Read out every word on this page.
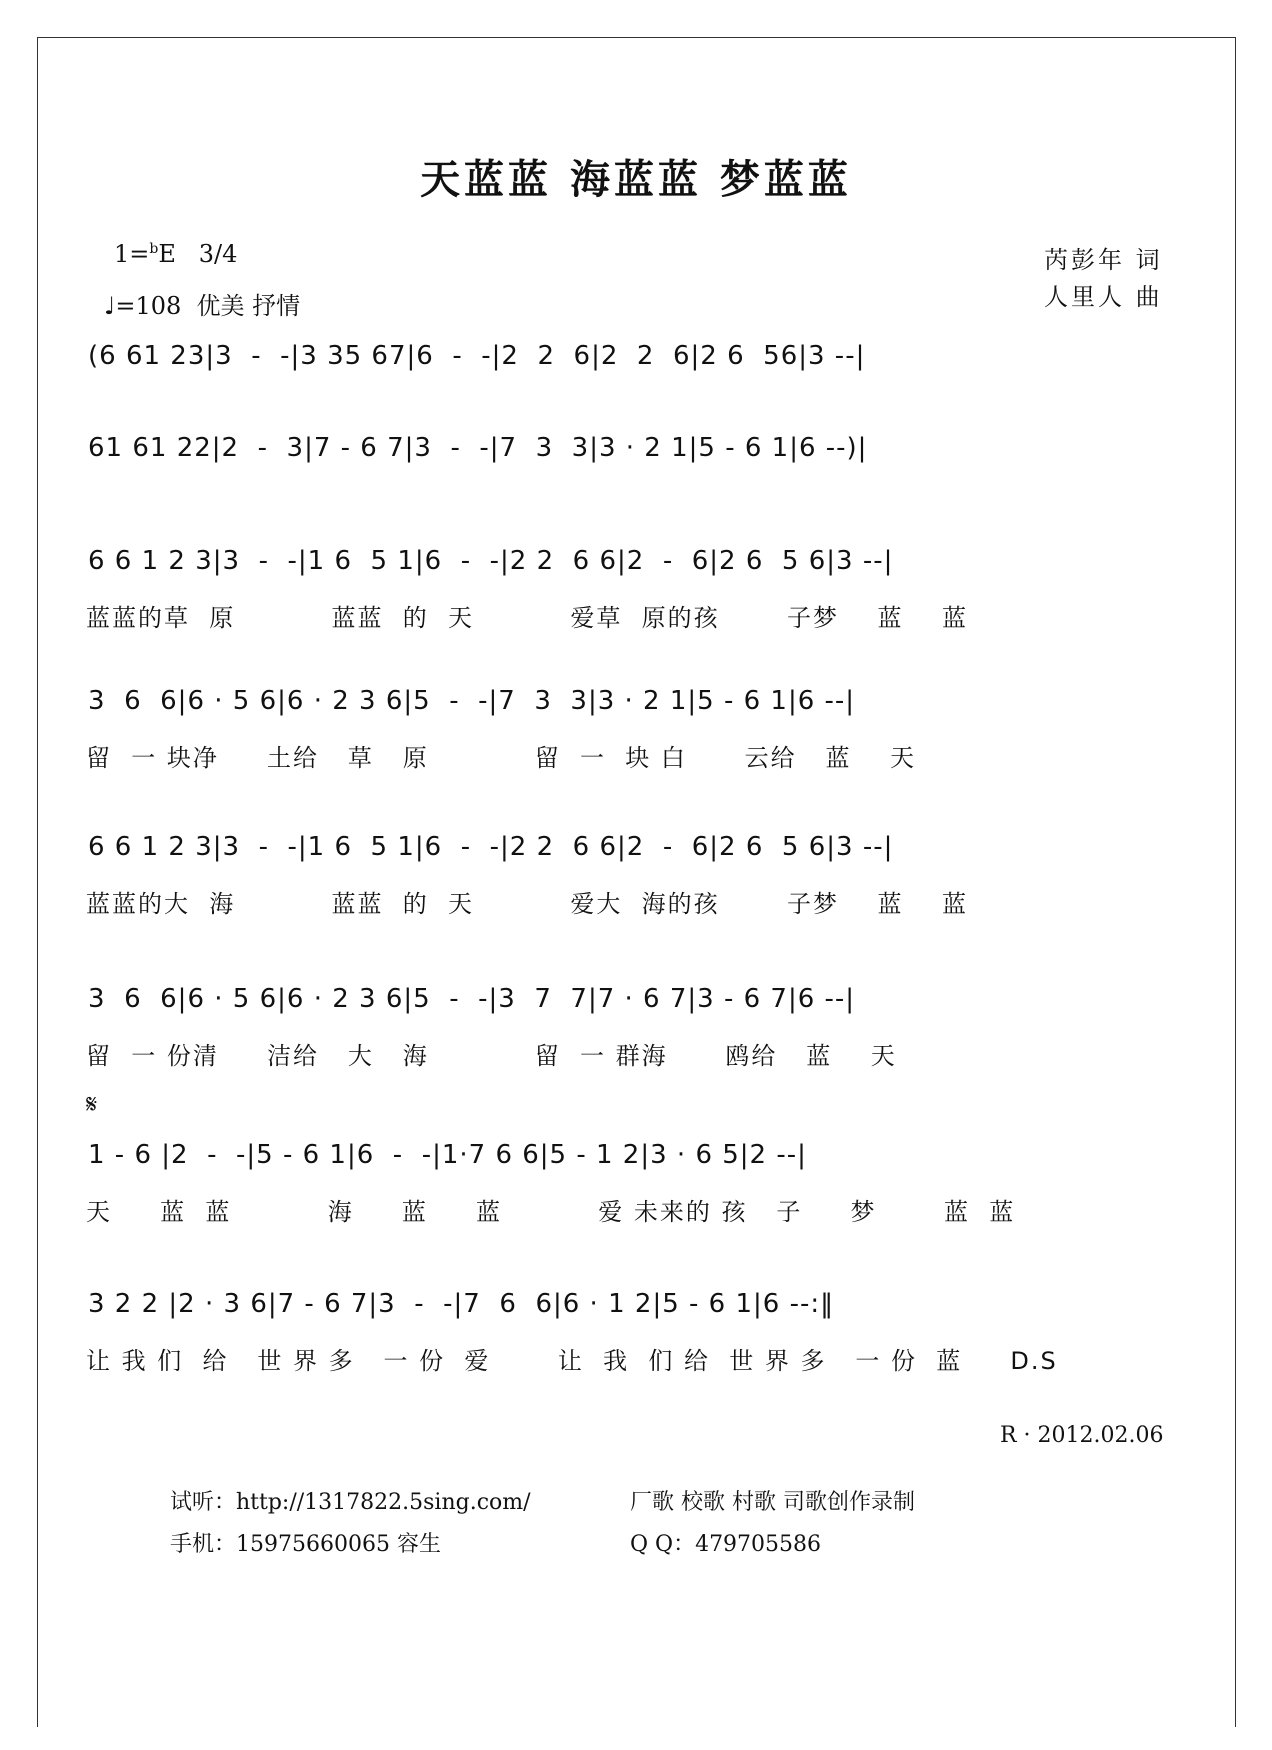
天蓝蓝 海蓝蓝 梦蓝蓝
1=$^b$E 3/4
♩=108 优美 抒情
芮彭年 词
人里人 曲
(6 61 23|3  -  -|3 35 67|6  -  -|2  2  6|2  2  6|2 6  56|3 --|
61 61 22|2  -  3|7 - 6 7|3  -  -|7  3  3|3 · 2 1|5 - 6 1|6 --)|
6 6 1 2 3|3  -  -|1 6  5 1|6  -  -|2 2  6 6|2  -  6|2 6  5 6|3 --|
蓝蓝的草  原          蓝蓝  的  天          爱草  原的孩       子梦    蓝    蓝
3  6  6|6 · 5 6|6 · 2 3 6|5  -  -|7  3  3|3 · 2 1|5 - 6 1|6 --|
留  一 块净     土给   草   原           留  一  块 白      云给   蓝    天
6 6 1 2 3|3  -  -|1 6  5 1|6  -  -|2 2  6 6|2  -  6|2 6  5 6|3 --|
蓝蓝的大  海          蓝蓝  的  天          爱大  海的孩       子梦    蓝    蓝
3  6  6|6 · 5 6|6 · 2 3 6|5  -  -|3  7  7|7 · 6 7|3 - 6 7|6 --|
留  一 份清     洁给   大   海           留  一 群海      鸥给   蓝    天
𝄋
1 - 6 |2  -  -|5 - 6 1|6  -  -|1·7 6 6|5 - 1 2|3 · 6 5|2 --|
天     蓝  蓝          海     蓝     蓝          爱 未来的 孩   子     梦       蓝  蓝
3 2 2 |2 · 3 6|7 - 6 7|3  -  -|7  6  6|6 · 1 2|5 - 6 1|6 --:‖
让 我 们  给   世 界 多   一 份  爱       让  我  们 给  世 界 多   一 份  蓝     D.S
R · 2012.02.06
试听：http://1317822.5sing.com/
手机：15975660065 容生
厂歌 校歌 村歌 司歌创作录制
Q Q：479705586
